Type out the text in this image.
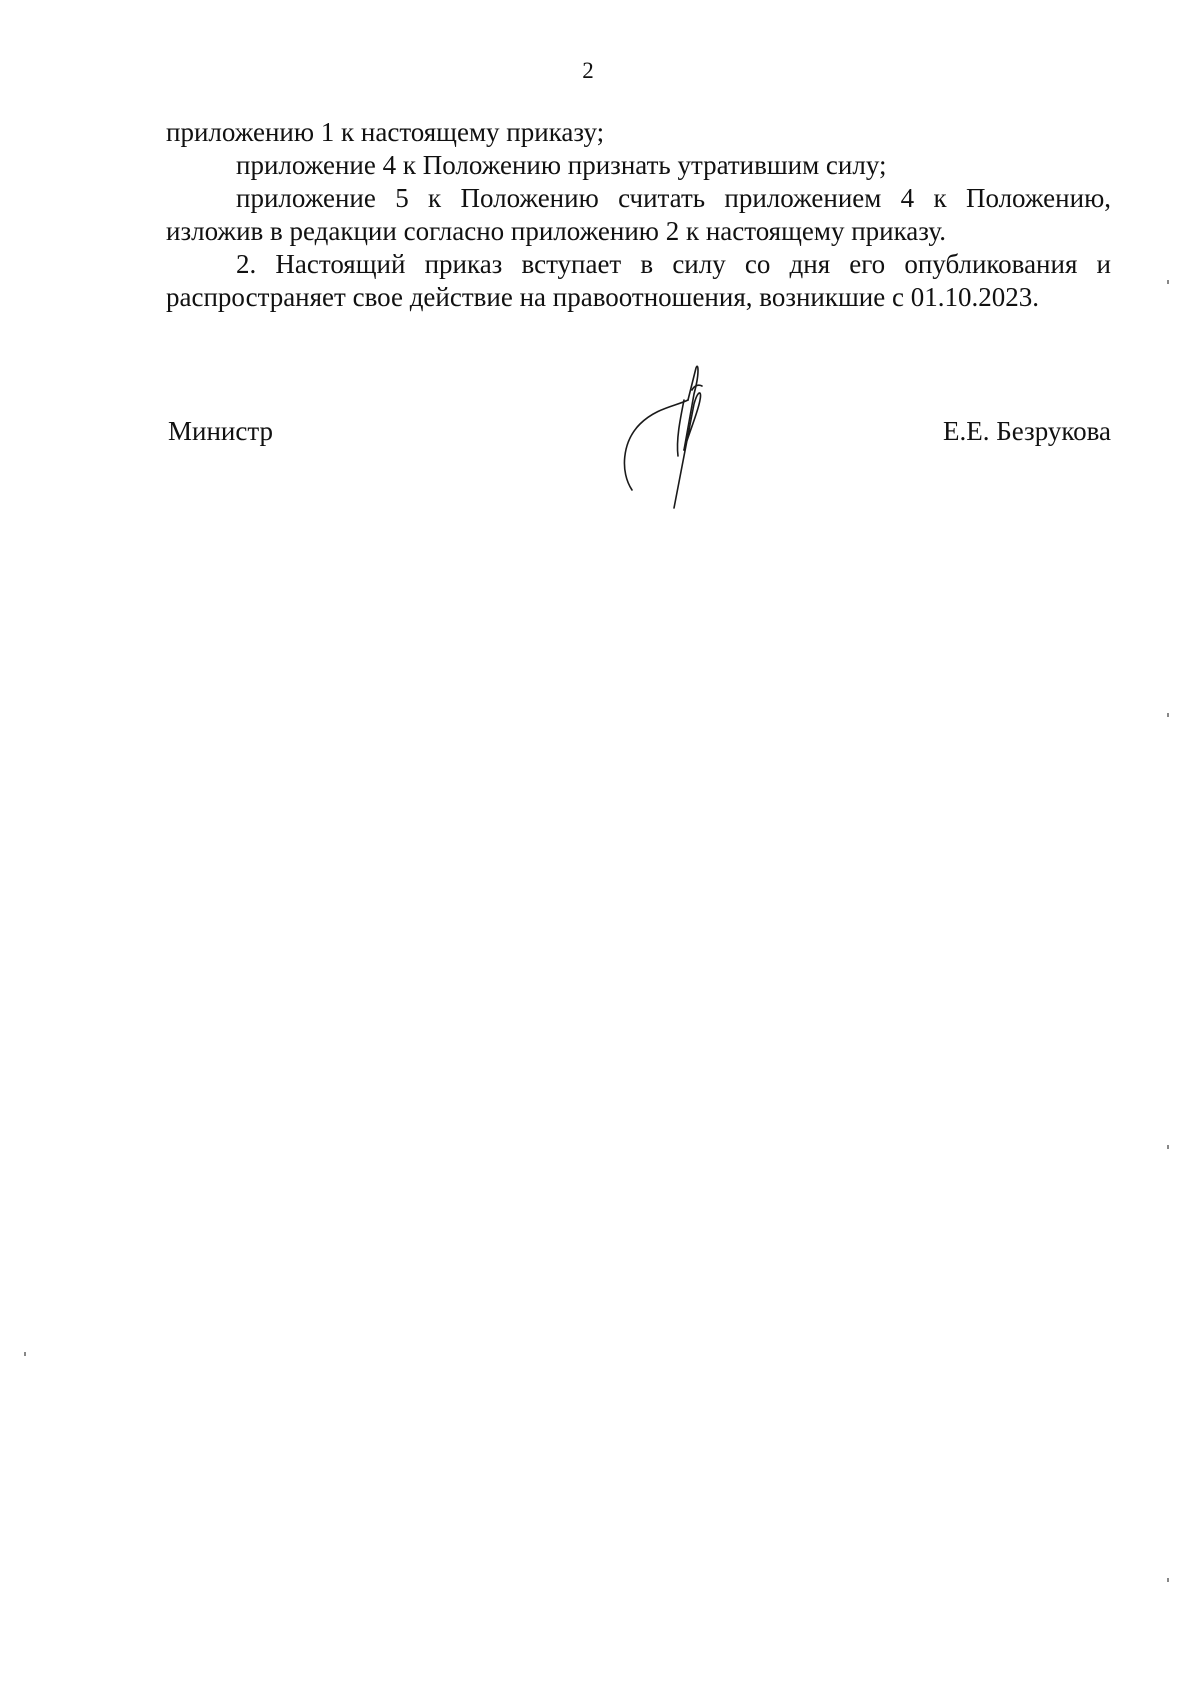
2

приложению 1 к настоящему приказу;

приложение 4 к Положению признать утратившим силу;

приложение 5 к Положению считать приложением 4 к Положению, изложив в редакции согласно приложению 2 к настоящему приказу.

2. Настоящий приказ вступает в силу со дня его опубликования и распространяет свое действие на правоотношения, возникшие с 01.10.2023.

Министр	Е.Е. Безрукова
